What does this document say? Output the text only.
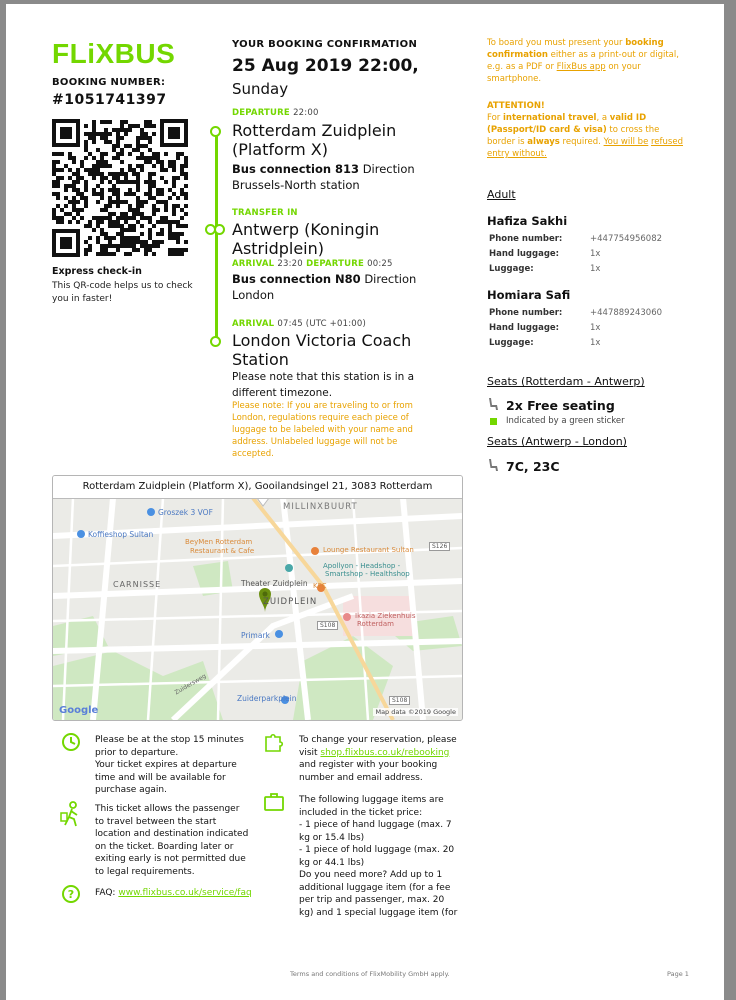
FLiXBUS
BOOKING NUMBER:
#1051741397
Express check-in
This QR-code helps us to check you in faster!
YOUR BOOKING CONFIRMATION
25 Aug 2019 22:00,
Sunday
DEPARTURE 22:00
Rotterdam Zuidplein
(Platform X)
Bus connection 813 Direction
Brussels-North station
TRANSFER IN
Antwerp (Koningin
Astridplein)
ARRIVAL 23:20 DEPARTURE 00:25
Bus connection N80 Direction
London
ARRIVAL 07:45 (UTC +01:00)
London Victoria Coach
Station
Please note that this station is in a
different timezone.
Please note: If you are traveling to or from London, regulations require each piece of luggage to be labeled with your name and address. Unlabeled luggage will not be accepted.
To board you must present your booking confirmation either as a print-out or digital, e.g. as a PDF or FlixBus app on your smartphone.
ATTENTION!
For international travel, a valid ID (Passport/ID card & visa) to cross the border is always required. You will be refused entry without.
Adult
Hafiza Sakhi
Phone number:	+447754956082
Hand luggage:	1x
Luggage:	1x
Homiara Safi
Phone number:	+447889243060
Hand luggage:	1x
Luggage:	1x
Seats (Rotterdam - Antwerp)
2x Free seating
Indicated by a green sticker
Seats (Antwerp - London)
7C, 23C
Rotterdam Zuidplein (Platform X), Gooilandsingel 21, 3083 Rotterdam
MILLINXBUURT
Groszek 3 VOF
Koffieshop Sultan
BeyMen Rotterdam
Restaurant & Cafe	Lounge Restaurant Sultan
Apollyon - Headshop -
Smartshop - Healthshop
Theater Zuidplein KFC
CARNISSE
ZUIDPLEIN
Ikazia Ziekenhuis
Rotterdam
Primark
Zuiderparkplein
S126
S108
S108
Zuidersweg
Google	Map data ©2019 Google
Please be at the stop 15 minutes prior to departure.
Your ticket expires at departure time and will be available for purchase again.
This ticket allows the passenger to travel between the start location and destination indicated on the ticket. Boarding later or exiting early is not permitted due to legal requirements.
? FAQ: www.flixbus.co.uk/service/faq
To change your reservation, please visit shop.flixbus.co.uk/rebooking and register with your booking number and email address.
The following luggage items are included in the ticket price:
- 1 piece of hand luggage (max. 7 kg or 15.4 lbs)
- 1 piece of hold luggage (max. 20 kg or 44.1 lbs)
Do you need more? Add up to 1 additional luggage item (for a fee per trip and passenger, max. 20 kg) and 1 special luggage item (for
Terms and conditions of FlixMobility GmbH apply.	Page 1
